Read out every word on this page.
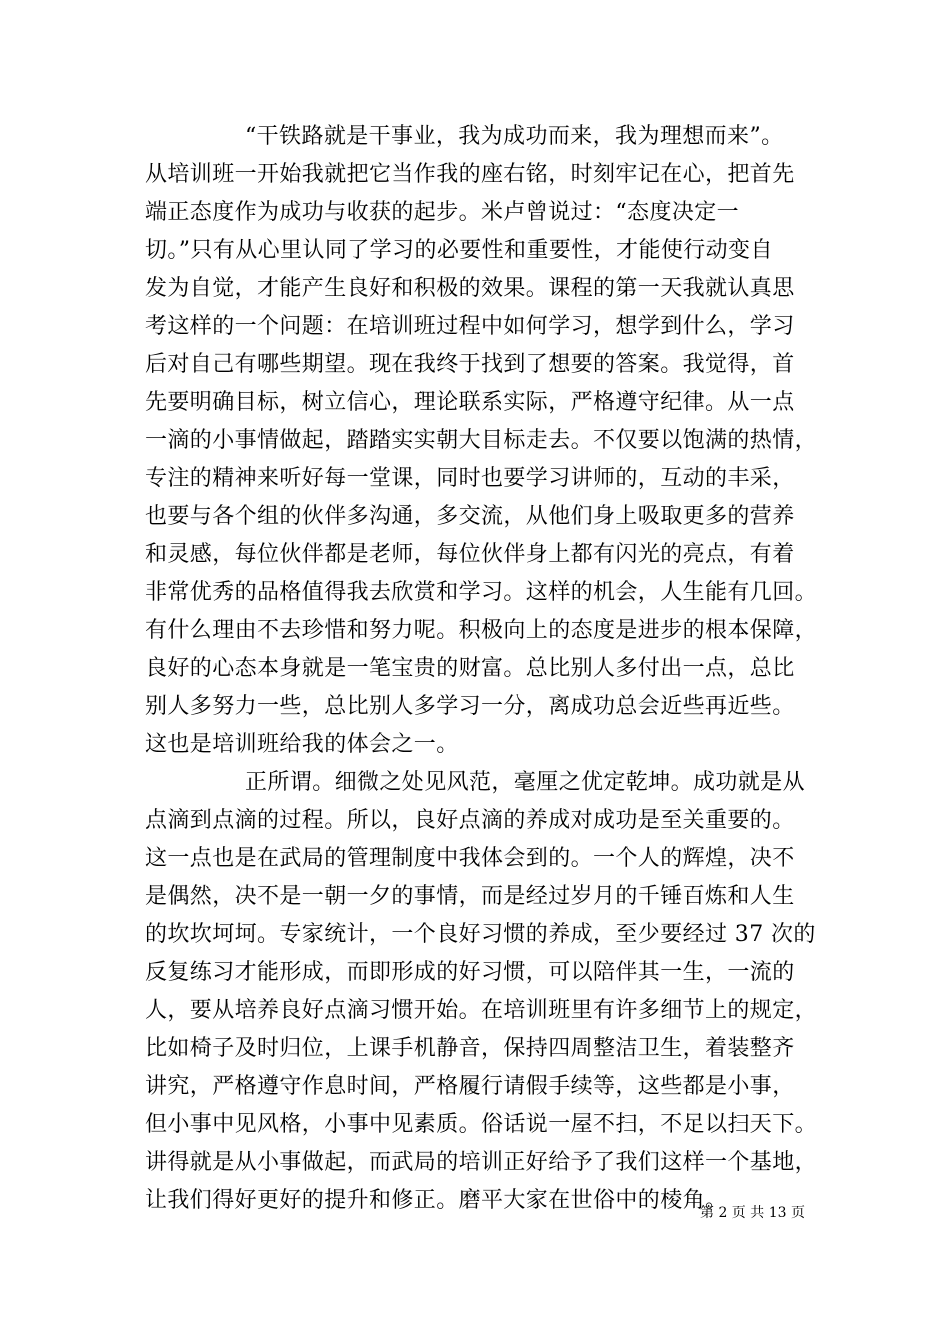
“干铁路就是干事业，我为成功而来，我为理想而来”。
从培训班一开始我就把它当作我的座右铭，时刻牢记在心，把首先
端正态度作为成功与收获的起步。米卢曾说过：“态度决定一
切。”只有从心里认同了学习的必要性和重要性，才能使行动变自
发为自觉，才能产生良好和积极的效果。课程的第一天我就认真思
考这样的一个问题：在培训班过程中如何学习，想学到什么，学习
后对自己有哪些期望。现在我终于找到了想要的答案。我觉得，首
先要明确目标，树立信心，理论联系实际，严格遵守纪律。从一点
一滴的小事情做起，踏踏实实朝大目标走去。不仅要以饱满的热情，
专注的精神来听好每一堂课，同时也要学习讲师的，互动的丰采，
也要与各个组的伙伴多沟通，多交流，从他们身上吸取更多的营养
和灵感，每位伙伴都是老师，每位伙伴身上都有闪光的亮点，有着
非常优秀的品格值得我去欣赏和学习。这样的机会，人生能有几回。
有什么理由不去珍惜和努力呢。积极向上的态度是进步的根本保障，
良好的心态本身就是一笔宝贵的财富。总比别人多付出一点，总比
别人多努力一些，总比别人多学习一分，离成功总会近些再近些。
这也是培训班给我的体会之一。
正所谓。细微之处见风范，毫厘之优定乾坤。成功就是从
点滴到点滴的过程。所以，良好点滴的养成对成功是至关重要的。
这一点也是在武局的管理制度中我体会到的。一个人的辉煌，决不
是偶然，决不是一朝一夕的事情，而是经过岁月的千锤百炼和人生
的坎坎坷坷。专家统计，一个良好习惯的养成，至少要经过 37 次的
反复练习才能形成，而即形成的好习惯，可以陪伴其一生，一流的
人，要从培养良好点滴习惯开始。在培训班里有许多细节上的规定，
比如椅子及时归位，上课手机静音，保持四周整洁卫生，着装整齐
讲究，严格遵守作息时间，严格履行请假手续等，这些都是小事，
但小事中见风格，小事中见素质。俗话说一屋不扫，不足以扫天下。
讲得就是从小事做起，而武局的培训正好给予了我们这样一个基地，
让我们得好更好的提升和修正。磨平大家在世俗中的棱角。
第 2 页 共 13 页
